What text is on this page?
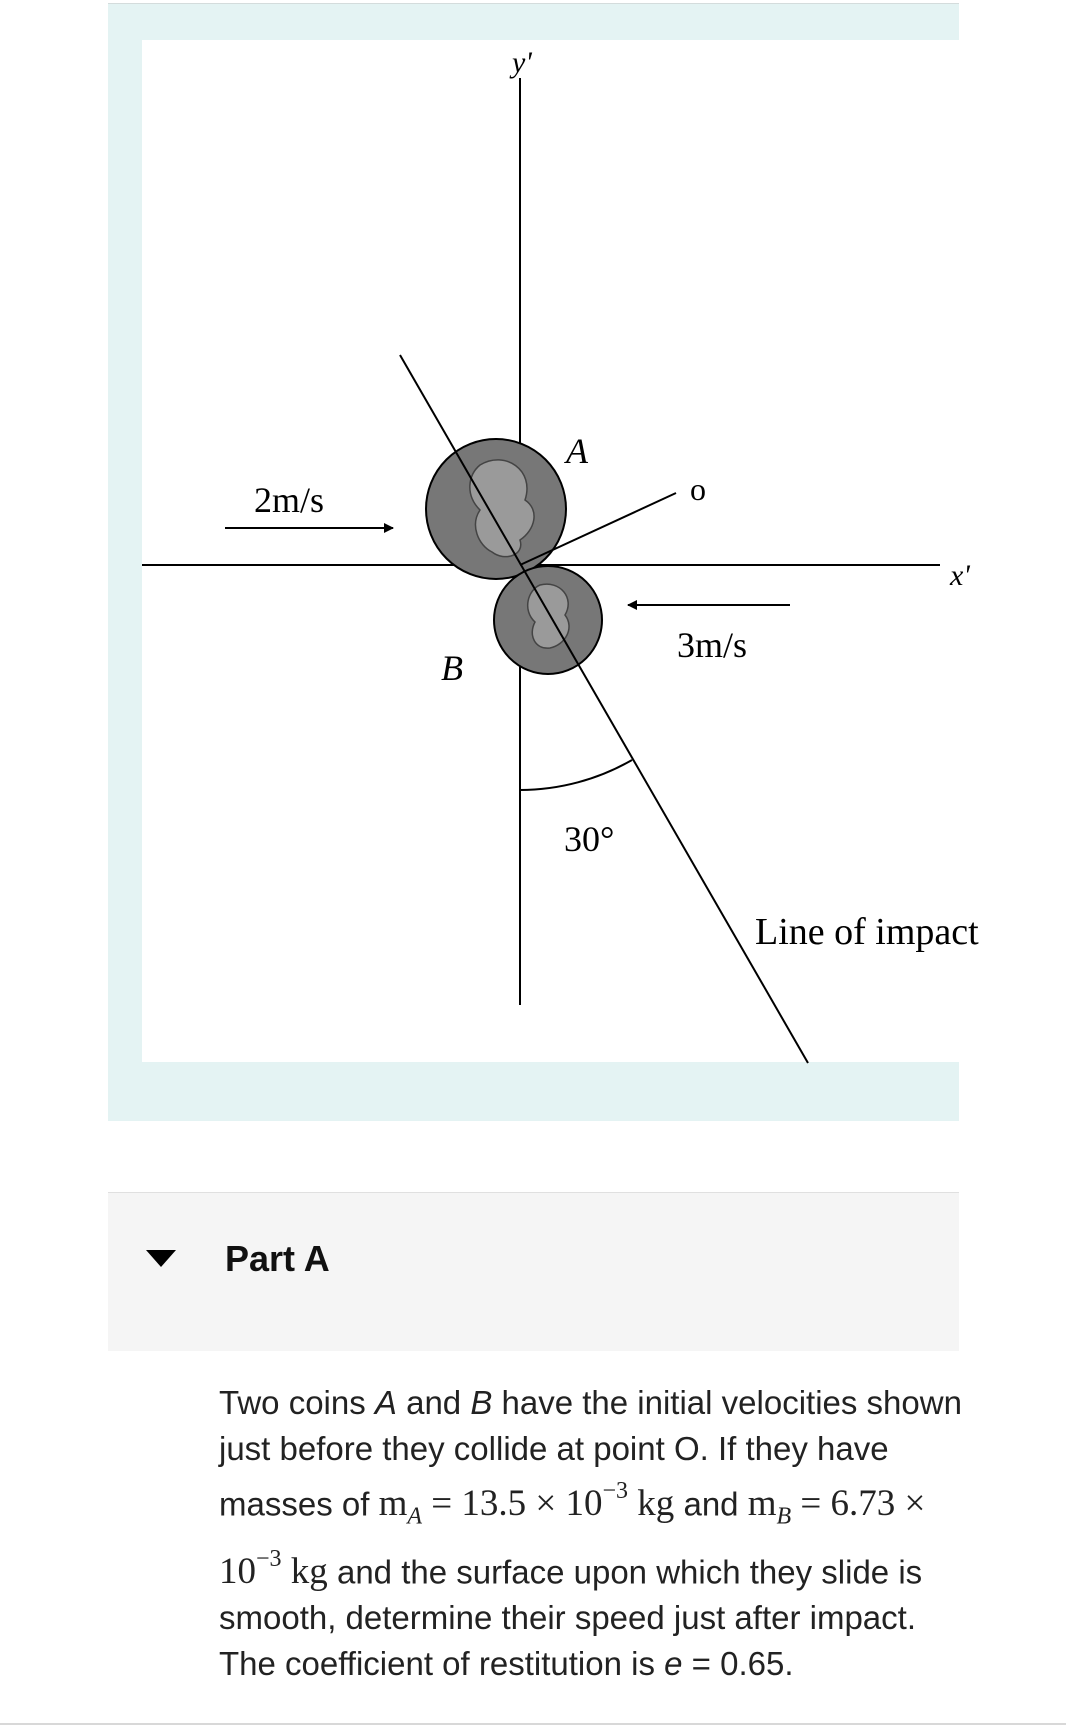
y'
x'
A
B
o
2m/s
3m/s
30°
Line of impact
Part A
Two coins A and B have the initial velocities shown just before they collide at point O. If they have masses of $m_A = 13.5 \times 10^{-3}$ kg and $m_B = 6.73 \times 10^{-3}$ kg and the surface upon which they slide is smooth, determine their speed just after impact. The coefficient of restitution is e = 0.65.
